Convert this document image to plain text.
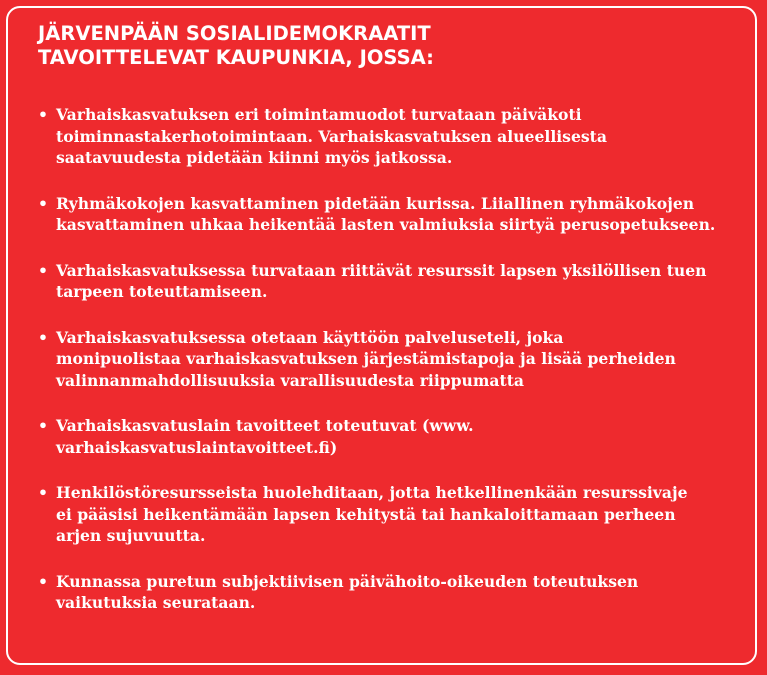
JÄRVENPÄÄN SOSIALIDEMOKRAATIT
TAVOITTELEVAT KAUPUNKIA, JOSSA:
• Varhaiskasvatuksen eri toimintamuodot turvataan päiväkoti
toiminnastakerhotoimintaan. Varhaiskasvatuksen alueellisesta
saatavuudesta pidetään kiinni myös jatkossa.
• Ryhmäkokojen kasvattaminen pidetään kurissa. Liiallinen ryhmäkokojen
kasvattaminen uhkaa heikentää lasten valmiuksia siirtyä perusopetukseen.
• Varhaiskasvatuksessa turvataan riittävät resurssit lapsen yksilöllisen tuen
tarpeen toteuttamiseen.
• Varhaiskasvatuksessa otetaan käyttöön palveluseteli, joka
monipuolistaa varhaiskasvatuksen järjestämistapoja ja lisää perheiden
valinnanmahdollisuuksia varallisuudesta riippumatta
• Varhaiskasvatuslain tavoitteet toteutuvat (www.
varhaiskasvatuslaintavoitteet.fi)
• Henkilöstöresursseista huolehditaan, jotta hetkellinenkään resurssivaje
ei pääsisi heikentämään lapsen kehitystä tai hankaloittamaan perheen
arjen sujuvuutta.
• Kunnassa puretun subjektiivisen päivähoito-oikeuden toteutuksen
vaikutuksia seurataan.
